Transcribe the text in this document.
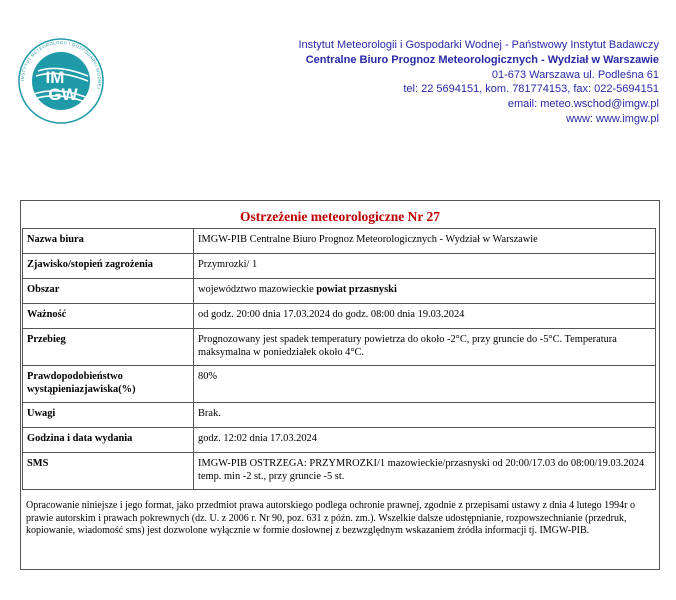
INSTYTUT METEOROLOGII I GOSPODARKI WODNEJ
IM
GW
Instytut Meteorologii i Gospodarki Wodnej - Państwowy Instytut Badawczy
Centralne Biuro Prognoz Meteorologicznych - Wydział w Warszawie
01-673 Warszawa ul. Podleśna 61
tel: 22 5694151, kom. 781774153, fax: 022-5694151
email: meteo.wschod@imgw.pl
www: www.imgw.pl
Ostrzeżenie meteorologiczne Nr 27
Nazwa biura	IMGW-PIB Centralne Biuro Prognoz Meteorologicznych - Wydział w Warszawie
Zjawisko/stopień zagrożenia	Przymrozki/ 1
Obszar	województwo mazowieckie powiat przasnyski
Ważność	od godz. 20:00 dnia 17.03.2024 do godz. 08:00 dnia 19.03.2024
Przebieg	Prognozowany jest spadek temperatury powietrza do około -2°C, przy gruncie do -5°C. Temperatura maksymalna w poniedziałek około 4°C.
Prawdopodobieństwo wystąpieniazjawiska(%)	80%
Uwagi	Brak.
Godzina i data wydania	godz. 12:02 dnia 17.03.2024
SMS	IMGW-PIB OSTRZEGA: PRZYMROZKI/1 mazowieckie/przasnyski od 20:00/17.03 do 08:00/19.03.2024 temp. min -2 st., przy gruncie -5 st.
Opracowanie niniejsze i jego format, jako przedmiot prawa autorskiego podlega ochronie prawnej, zgodnie z przepisami ustawy z dnia 4 lutego 1994r o prawie autorskim i prawach pokrewnych (dz. U. z 2006 r. Nr 90, poz. 631 z późn. zm.). Wszelkie dalsze udostępnianie, rozpowszechnianie (przedruk, kopiowanie, wiadomość sms) jest dozwolone wyłącznie w formie dosłownej z bezwzględnym wskazaniem źródła informacji tj. IMGW-PIB.
